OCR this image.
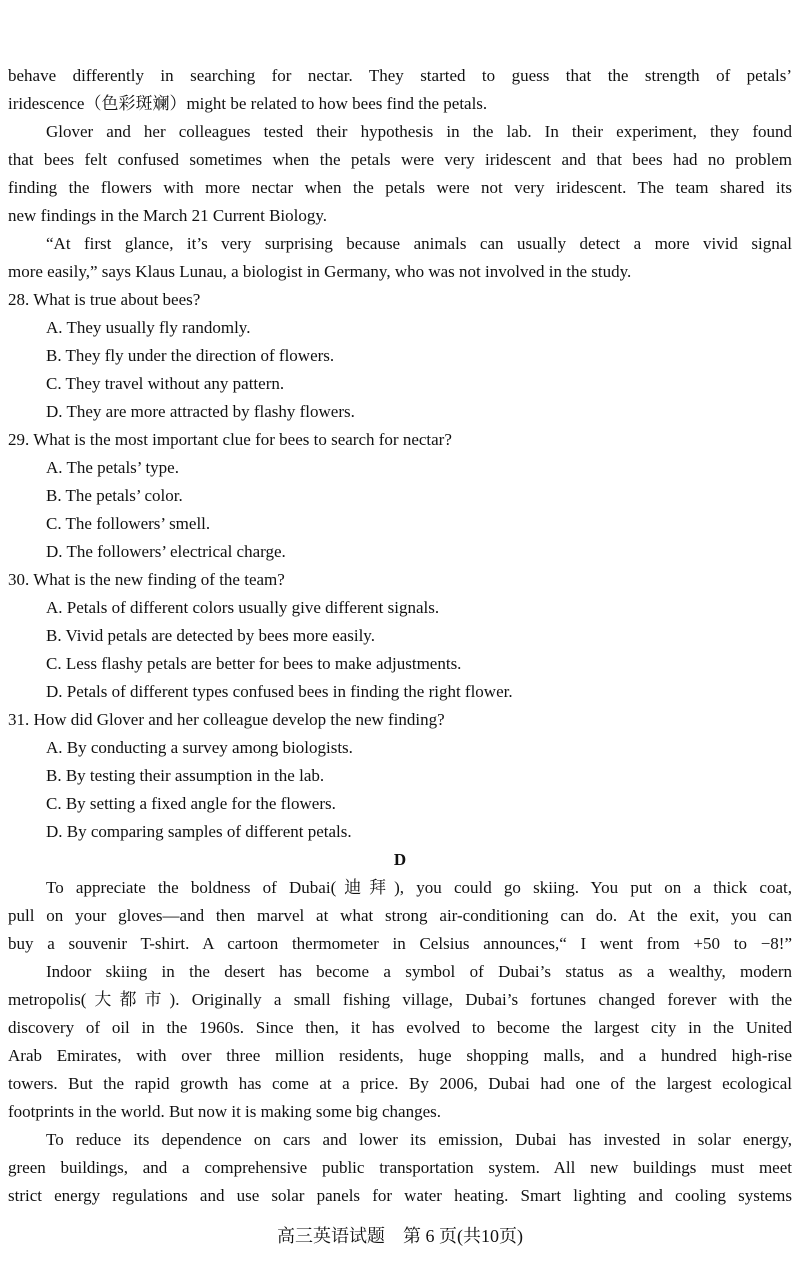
behave differently in searching for nectar. They started to guess that the strength of petals’
iridescence（色彩斑斓）might be related to how bees find the petals.
Glover and her colleagues tested their hypothesis in the lab. In their experiment, they found
that bees felt confused sometimes when the petals were very iridescent and that bees had no problem
finding the flowers with more nectar when the petals were not very iridescent. The team shared its
new findings in the March 21 Current Biology.
“At first glance, it’s very surprising because animals can usually detect a more vivid signal
more easily,” says Klaus Lunau, a biologist in Germany, who was not involved in the study.
28. What is true about bees?
A. They usually fly randomly.
B. They fly under the direction of flowers.
C. They travel without any pattern.
D. They are more attracted by flashy flowers.
29. What is the most important clue for bees to search for nectar?
A. The petals’ type.
B. The petals’ color.
C. The followers’ smell.
D. The followers’ electrical charge.
30. What is the new finding of the team?
A. Petals of different colors usually give different signals.
B. Vivid petals are detected by bees more easily.
C. Less flashy petals are better for bees to make adjustments.
D. Petals of different types confused bees in finding the right flower.
31. How did Glover and her colleague develop the new finding?
A. By conducting a survey among biologists.
B. By testing their assumption in the lab.
C. By setting a fixed angle for the flowers.
D. By comparing samples of different petals.
D
To appreciate the boldness of Dubai(迪拜), you could go skiing. You put on a thick coat,
pull on your gloves—and then marvel at what strong air-conditioning can do. At the exit, you can
buy a souvenir T-shirt. A cartoon thermometer in Celsius announces,“ I went from +50 to −8!”
Indoor skiing in the desert has become a symbol of Dubai’s status as a wealthy, modern
metropolis(大都市). Originally a small fishing village, Dubai’s fortunes changed forever with the
discovery of oil in the 1960s. Since then, it has evolved to become the largest city in the United
Arab Emirates, with over three million residents, huge shopping malls, and a hundred high-rise
towers. But the rapid growth has come at a price. By 2006, Dubai had one of the largest ecological
footprints in the world. But now it is making some big changes.
To reduce its dependence on cars and lower its emission, Dubai has invested in solar energy,
green buildings, and a comprehensive public transportation system. All new buildings must meet
strict energy regulations and use solar panels for water heating. Smart lighting and cooling systems
高三英语试题　第 6 页(共10页)
